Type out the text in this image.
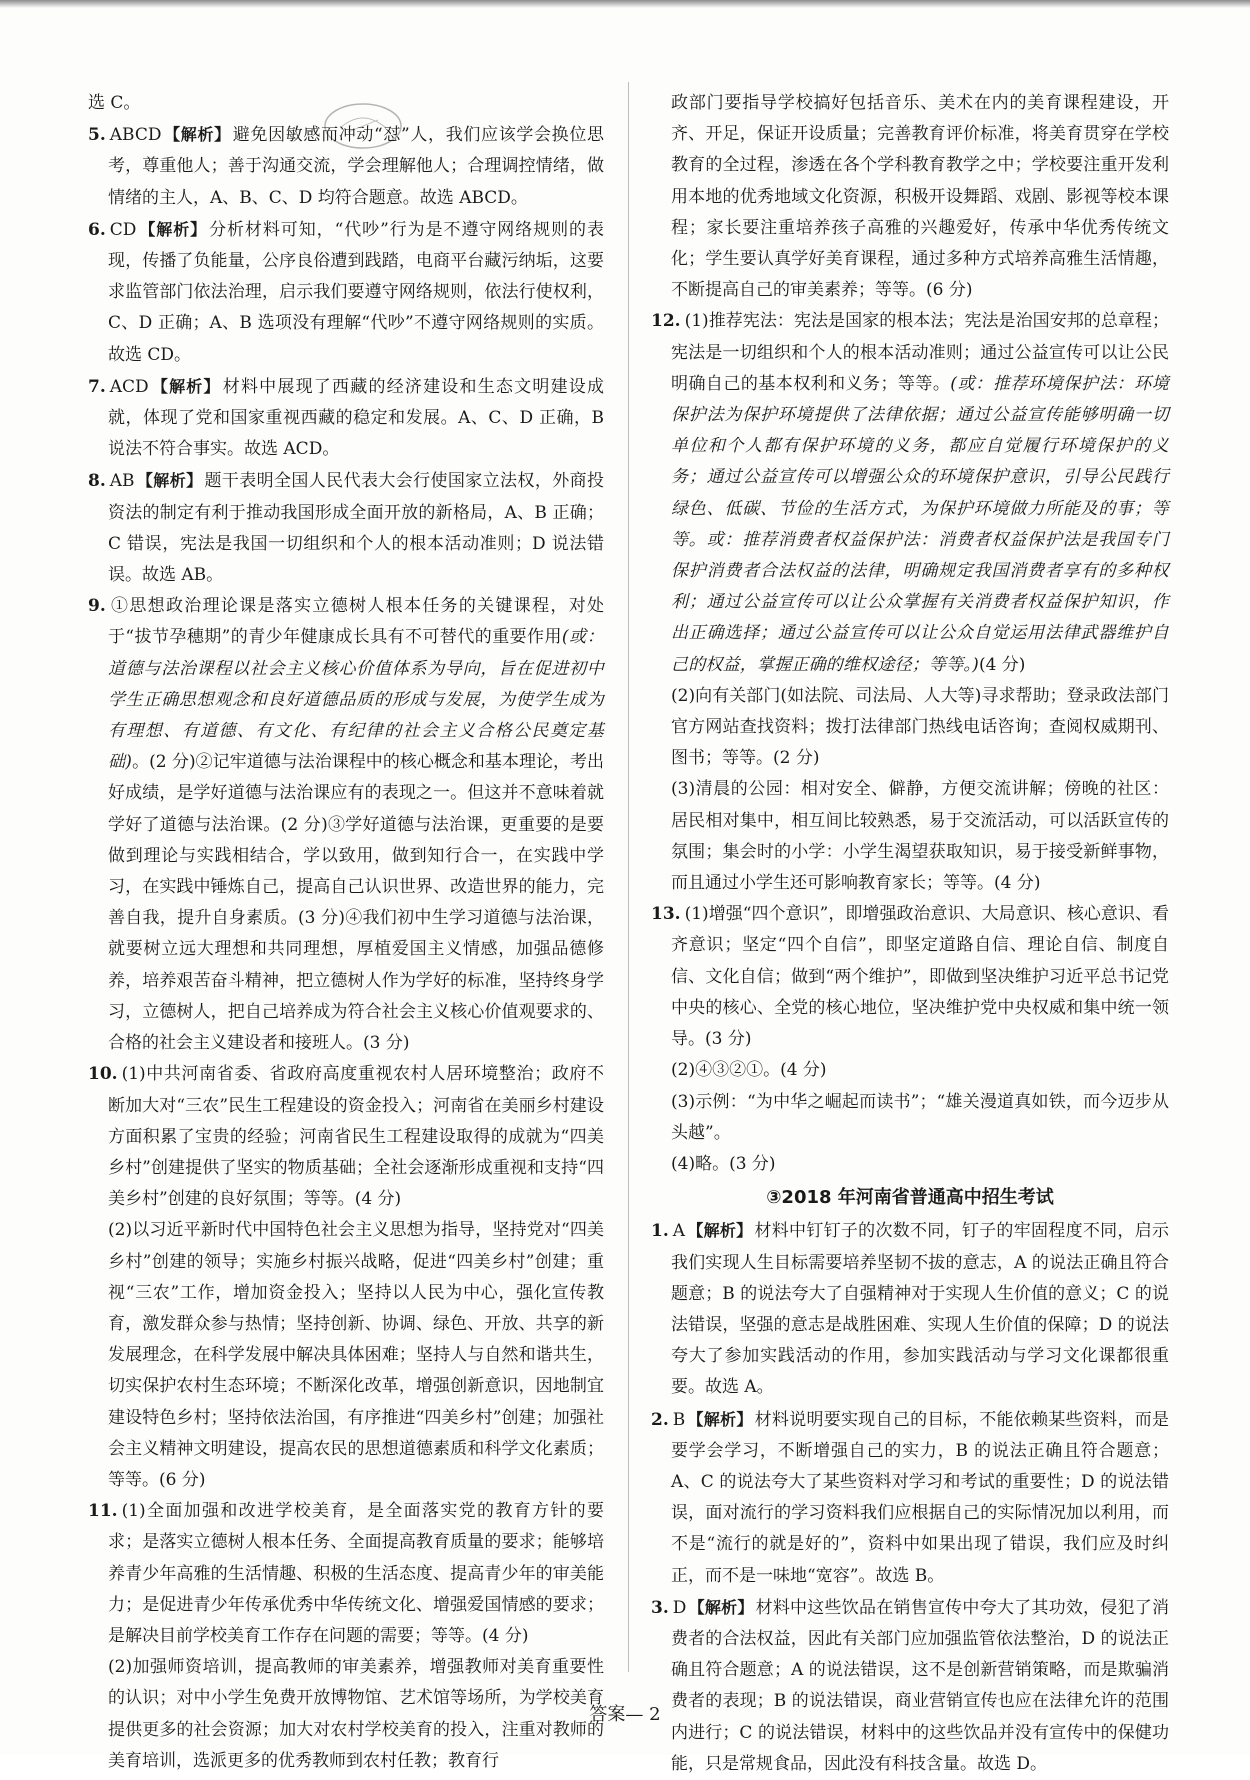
选 C。

5. ABCD 【解析】 避免因敏感而冲动“怼”人，我们应该学会换位思考，尊重他人；善于沟通交流，学会理解他人；合理调控情绪，做情绪的主人，A、B、C、D 均符合题意。故选 ABCD。

6. CD 【解析】 分析材料可知，“代吵”行为是不遵守网络规则的表现，传播了负能量，公序良俗遭到践踏，电商平台藏污纳垢，这要求监管部门依法治理，启示我们要遵守网络规则，依法行使权利，C、D 正确；A、B 选项没有理解“代吵”不遵守网络规则的实质。故选 CD。

7. ACD 【解析】 材料中展现了西藏的经济建设和生态文明建设成就，体现了党和国家重视西藏的稳定和发展。A、C、D 正确，B 说法不符合事实。故选 ACD。

8. AB 【解析】 题干表明全国人民代表大会行使国家立法权，外商投资法的制定有利于推动我国形成全面开放的新格局，A、B 正确；C 错误，宪法是我国一切组织和个人的根本活动准则；D 说法错误。故选 AB。

9. ①思想政治理论课是落实立德树人根本任务的关键课程，对处于“拔节孕穗期”的青少年健康成长具有不可替代的重要作用(或：道德与法治课程以社会主义核心价值体系为导向，旨在促进初中学生正确思想观念和良好道德品质的形成与发展，为使学生成为有理想、有道德、有文化、有纪律的社会主义合格公民奠定基础)。(2 分)②记牢道德与法治课程中的核心概念和基本理论，考出好成绩，是学好道德与法治课应有的表现之一。但这并不意味着就学好了道德与法治课。(2 分)③学好道德与法治课，更重要的是要做到理论与实践相结合，学以致用，做到知行合一，在实践中学习，在实践中锤炼自己，提高自己认识世界、改造世界的能力，完善自我，提升自身素质。(3 分)④我们初中生学习道德与法治课，就要树立远大理想和共同理想，厚植爱国主义情感，加强品德修养，培养艰苦奋斗精神，把立德树人作为学好的标准，坚持终身学习，立德树人，把自己培养成为符合社会主义核心价值观要求的、合格的社会主义建设者和接班人。(3 分)

10. (1)中共河南省委、省政府高度重视农村人居环境整治；政府不断加大对“三农”民生工程建设的资金投入；河南省在美丽乡村建设方面积累了宝贵的经验；河南省民生工程建设取得的成就为“四美乡村”创建提供了坚实的物质基础；全社会逐渐形成重视和支持“四美乡村”创建的良好氛围；等等。(4 分)

(2)以习近平新时代中国特色社会主义思想为指导，坚持党对“四美乡村”创建的领导；实施乡村振兴战略，促进“四美乡村”创建；重视“三农”工作，增加资金投入；坚持以人民为中心，强化宣传教育，激发群众参与热情；坚持创新、协调、绿色、开放、共享的新发展理念，在科学发展中解决具体困难；坚持人与自然和谐共生，切实保护农村生态环境；不断深化改革，增强创新意识，因地制宜建设特色乡村；坚持依法治国，有序推进“四美乡村”创建；加强社会主义精神文明建设，提高农民的思想道德素质和科学文化素质；等等。(6 分)

11. (1)全面加强和改进学校美育，是全面落实党的教育方针的要求；是落实立德树人根本任务、全面提高教育质量的要求；能够培养青少年高雅的生活情趣、积极的生活态度、提高青少年的审美能力；是促进青少年传承优秀中华传统文化、增强爱国情感的要求；是解决目前学校美育工作存在问题的需要；等等。(4 分)

(2)加强师资培训，提高教师的审美素养，增强教师对美育重要性的认识；对中小学生免费开放博物馆、艺术馆等场所，为学校美育提供更多的社会资源；加大对农村学校美育的投入，注重对教师的美育培训，选派更多的优秀教师到农村任教；教育行

政部门要指导学校搞好包括音乐、美术在内的美育课程建设，开齐、开足，保证开设质量；完善教育评价标准，将美育贯穿在学校教育的全过程，渗透在各个学科教育教学之中；学校要注重开发利用本地的优秀地域文化资源，积极开设舞蹈、戏剧、影视等校本课程；家长要注重培养孩子高雅的兴趣爱好，传承中华优秀传统文化；学生要认真学好美育课程，通过多种方式培养高雅生活情趣，不断提高自己的审美素养；等等。(6 分)

12. (1)推荐宪法：宪法是国家的根本法；宪法是治国安邦的总章程；宪法是一切组织和个人的根本活动准则；通过公益宣传可以让公民明确自己的基本权利和义务；等等。(或：推荐环境保护法：环境保护法为保护环境提供了法律依据；通过公益宣传能够明确一切单位和个人都有保护环境的义务，都应自觉履行环境保护的义务；通过公益宣传可以增强公众的环境保护意识，引导公民践行绿色、低碳、节俭的生活方式，为保护环境做力所能及的事；等等。或：推荐消费者权益保护法：消费者权益保护法是我国专门保护消费者合法权益的法律，明确规定我国消费者享有的多种权利；通过公益宣传可以让公众掌握有关消费者权益保护知识，作出正确选择；通过公益宣传可以让公众自觉运用法律武器维护自己的权益，掌握正确的维权途径；等等。)(4 分)

(2)向有关部门(如法院、司法局、人大等)寻求帮助；登录政法部门官方网站查找资料；拨打法律部门热线电话咨询；查阅权威期刊、图书；等等。(2 分)

(3)清晨的公园：相对安全、僻静，方便交流讲解；傍晚的社区：居民相对集中，相互间比较熟悉，易于交流活动，可以活跃宣传的氛围；集会时的小学：小学生渴望获取知识，易于接受新鲜事物，而且通过小学生还可影响教育家长；等等。(4 分)

13. (1)增强“四个意识”，即增强政治意识、大局意识、核心意识、看齐意识；坚定“四个自信”，即坚定道路自信、理论自信、制度自信、文化自信；做到“两个维护”，即做到坚决维护习近平总书记党中央的核心、全党的核心地位，坚决维护党中央权威和集中统一领导。(3 分)

(2)④③②①。(4 分)

(3)示例：“为中华之崛起而读书”；“雄关漫道真如铁，而今迈步从头越”。

(4)略。(3 分)

③2018 年河南省普通高中招生考试

1. A 【解析】 材料中钉钉子的次数不同，钉子的牢固程度不同，启示我们实现人生目标需要培养坚韧不拔的意志，A 的说法正确且符合题意；B 的说法夸大了自强精神对于实现人生价值的意义；C 的说法错误，坚强的意志是战胜困难、实现人生价值的保障；D 的说法夸大了参加实践活动的作用，参加实践活动与学习文化课都很重要。故选 A。

2. B 【解析】 材料说明要实现自己的目标，不能依赖某些资料，而是要学会学习，不断增强自己的实力，B 的说法正确且符合题意；A、C 的说法夸大了某些资料对学习和考试的重要性；D 的说法错误，面对流行的学习资料我们应根据自己的实际情况加以利用，而不是“流行的就是好的”，资料中如果出现了错误，我们应及时纠正，而不是一味地“宽容”。故选 B。

3. D 【解析】 材料中这些饮品在销售宣传中夸大了其功效，侵犯了消费者的合法权益，因此有关部门应加强监管依法整治，D 的说法正确且符合题意；A 的说法错误，这不是创新营销策略，而是欺骗消费者的表现；B 的说法错误，商业营销宣传也应在法律允许的范围内进行；C 的说法错误，材料中的这些饮品并没有宣传中的保健功能，只是常规食品，因此没有科技含量。故选 D。

答案— 2
